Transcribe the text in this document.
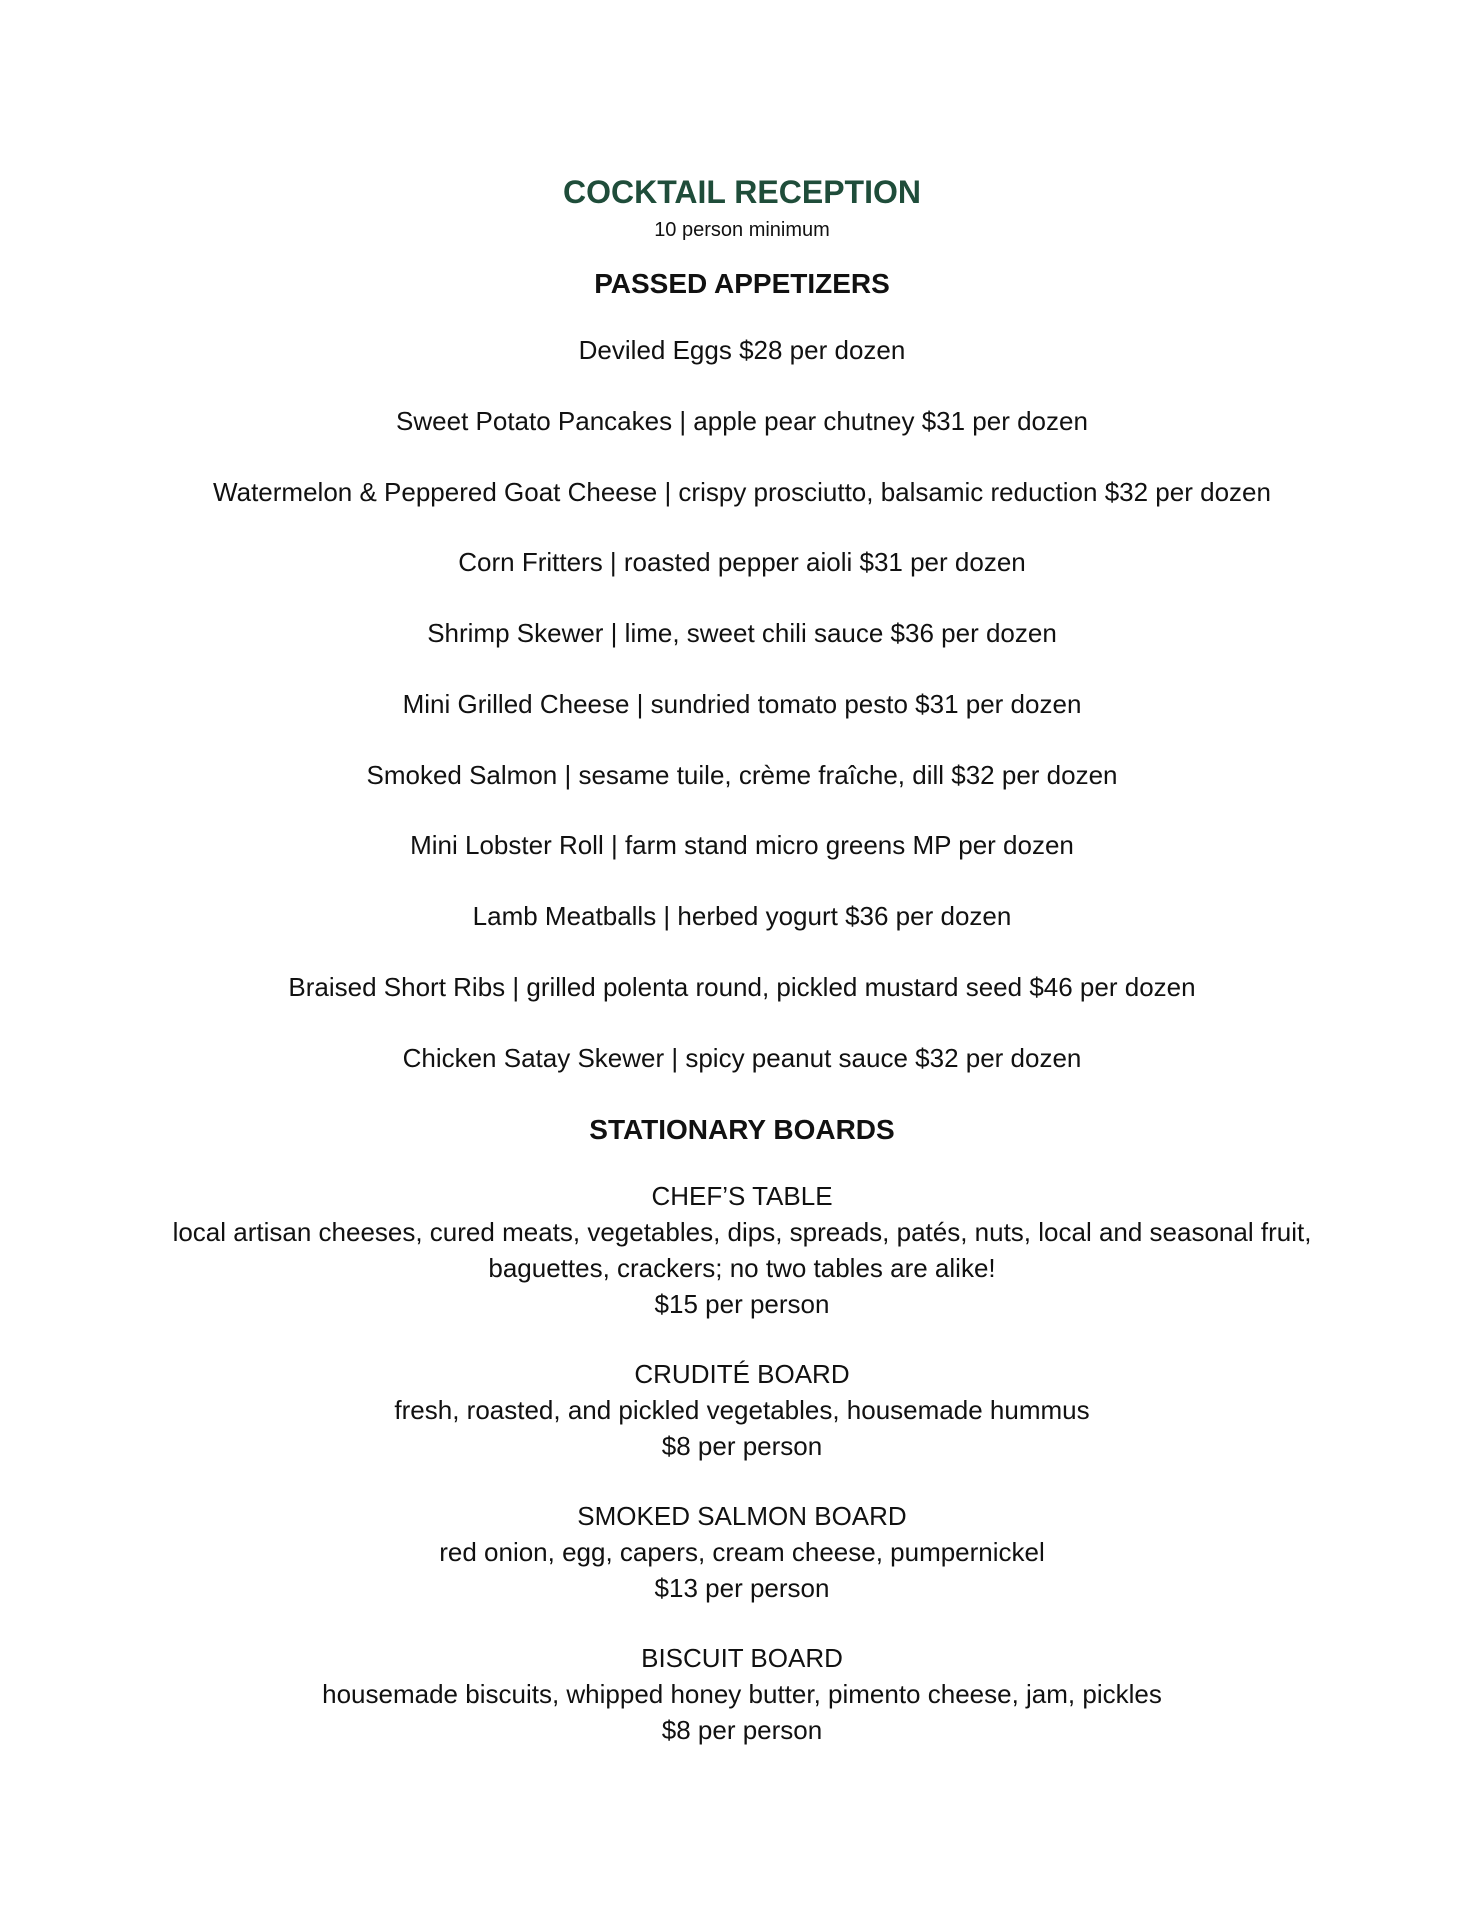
COCKTAIL RECEPTION
10 person minimum
PASSED APPETIZERS
Deviled Eggs $28 per dozen
Sweet Potato Pancakes | apple pear chutney $31 per dozen
Watermelon & Peppered Goat Cheese | crispy prosciutto, balsamic reduction $32 per dozen
Corn Fritters | roasted pepper aioli $31 per dozen
Shrimp Skewer | lime, sweet chili sauce $36 per dozen
Mini Grilled Cheese | sundried tomato pesto $31 per dozen
Smoked Salmon | sesame tuile, crème fraîche, dill $32 per dozen
Mini Lobster Roll | farm stand micro greens MP per dozen
Lamb Meatballs | herbed yogurt $36 per dozen
Braised Short Ribs | grilled polenta round, pickled mustard seed $46 per dozen
Chicken Satay Skewer | spicy peanut sauce $32 per dozen
STATIONARY BOARDS
CHEF’S TABLE
local artisan cheeses, cured meats, vegetables, dips, spreads, patés, nuts, local and seasonal fruit,
baguettes, crackers; no two tables are alike!
$15 per person
CRUDITÉ BOARD
fresh, roasted, and pickled vegetables, housemade hummus
$8 per person
SMOKED SALMON BOARD
red onion, egg, capers, cream cheese, pumpernickel
$13 per person
BISCUIT BOARD
housemade biscuits, whipped honey butter, pimento cheese, jam, pickles
$8 per person
